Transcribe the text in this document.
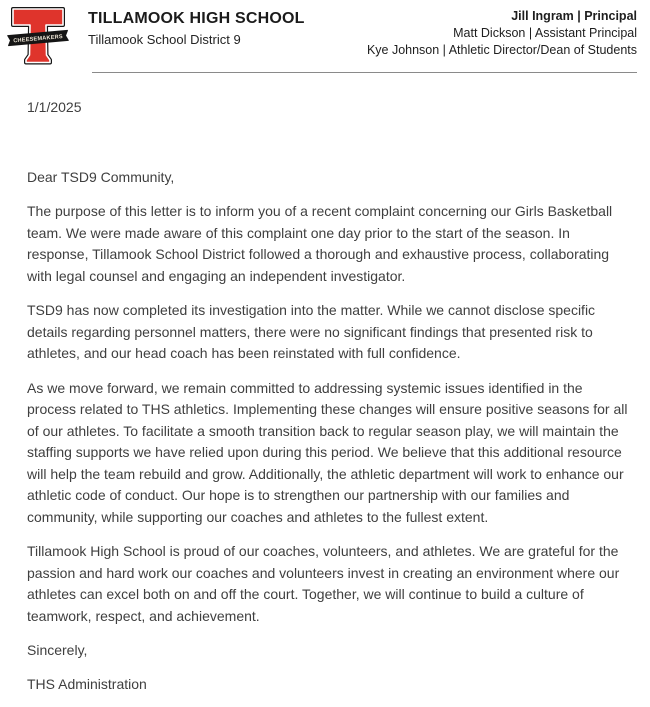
CHEESEMAKERS
TILLAMOOK HIGH SCHOOL
Tillamook School District 9
Jill Ingram | Principal
Matt Dickson | Assistant Principal
Kye Johnson | Athletic Director/Dean of Students
1/1/2025
Dear TSD9 Community,

The purpose of this letter is to inform you of a recent complaint concerning our Girls Basketball team. We were made aware of this complaint one day prior to the start of the season. In response, Tillamook School District followed a thorough and exhaustive process, collaborating with legal counsel and engaging an independent investigator.

TSD9 has now completed its investigation into the matter. While we cannot disclose specific details regarding personnel matters, there were no significant findings that presented risk to athletes, and our head coach has been reinstated with full confidence.

As we move forward, we remain committed to addressing systemic issues identified in the process related to THS athletics. Implementing these changes will ensure positive seasons for all of our athletes. To facilitate a smooth transition back to regular season play, we will maintain the staffing supports we have relied upon during this period. We believe that this additional resource will help the team rebuild and grow. Additionally, the athletic department will work to enhance our athletic code of conduct. Our hope is to strengthen our partnership with our families and community, while supporting our coaches and athletes to the fullest extent.

Tillamook High School is proud of our coaches, volunteers, and athletes. We are grateful for the passion and hard work our coaches and volunteers invest in creating an environment where our athletes can excel both on and off the court. Together, we will continue to build a culture of teamwork, respect, and achievement.

Sincerely,
THS Administration
